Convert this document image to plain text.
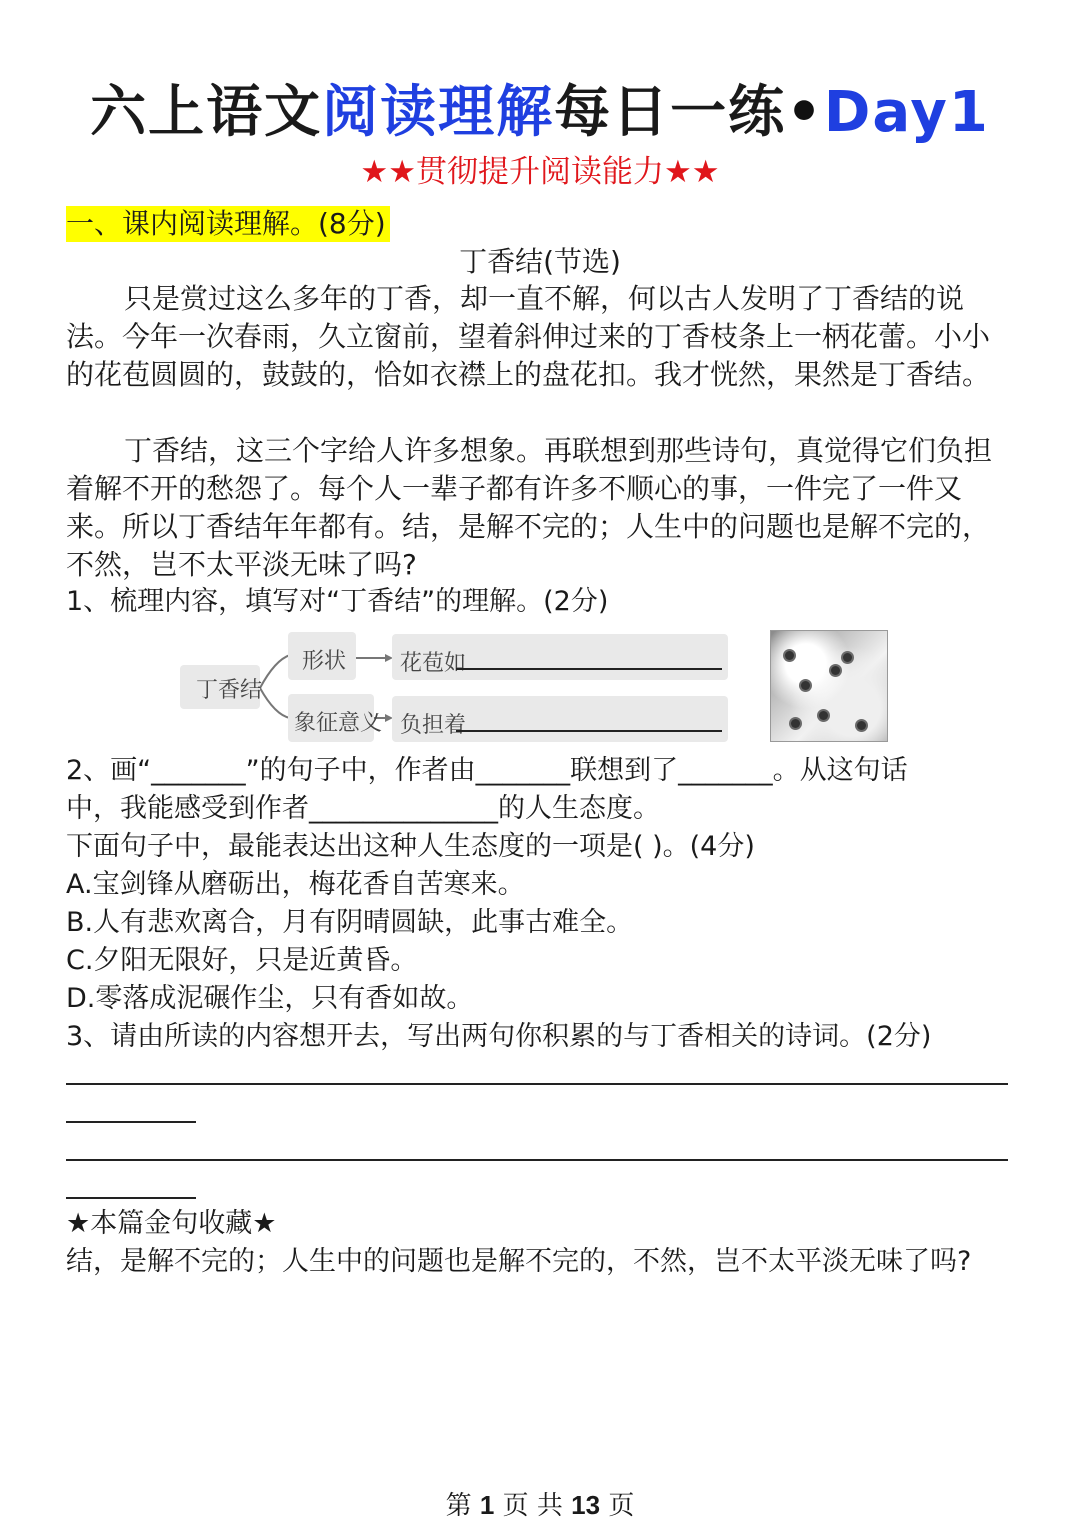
六上语文阅读理解每日一练•Day1
★★贯彻提升阅读能力★★
一、课内阅读理解。(8分)
丁香结(节选)
只是赏过这么多年的丁香，却一直不解，何以古人发明了丁香结的说法。今年一次春雨，久立窗前，望着斜伸过来的丁香枝条上一柄花蕾。小小的花苞圆圆的，鼓鼓的，恰如衣襟上的盘花扣。我才恍然，果然是丁香结。
丁香结，这三个字给人许多想象。再联想到那些诗句，真觉得它们负担着解不开的愁怨了。每个人一辈子都有许多不顺心的事，一件完了一件又来。所以丁香结年年都有。结，是解不完的；人生中的问题也是解不完的，不然，岂不太平淡无味了吗?
1、梳理内容，填写对“丁香结”的理解。(2分)
丁香结
形状
象征意义
花苞如
负担着
2、画“_______”的句子中，作者由_______联想到了_______。从这句话
中，我能感受到作者______________的人生态度。
下面句子中，最能表达出这种人生态度的一项是( )。(4分)
A.宝剑锋从磨砺出，梅花香自苦寒来。
B.人有悲欢离合，月有阴晴圆缺，此事古难全。
C.夕阳无限好，只是近黄昏。
D.零落成泥碾作尘，只有香如故。
3、请由所读的内容想开去，写出两句你积累的与丁香相关的诗词。(2分)
★本篇金句收藏★
结，是解不完的；人生中的问题也是解不完的，不然，岂不太平淡无味了吗?
第 1 页 共 13 页
